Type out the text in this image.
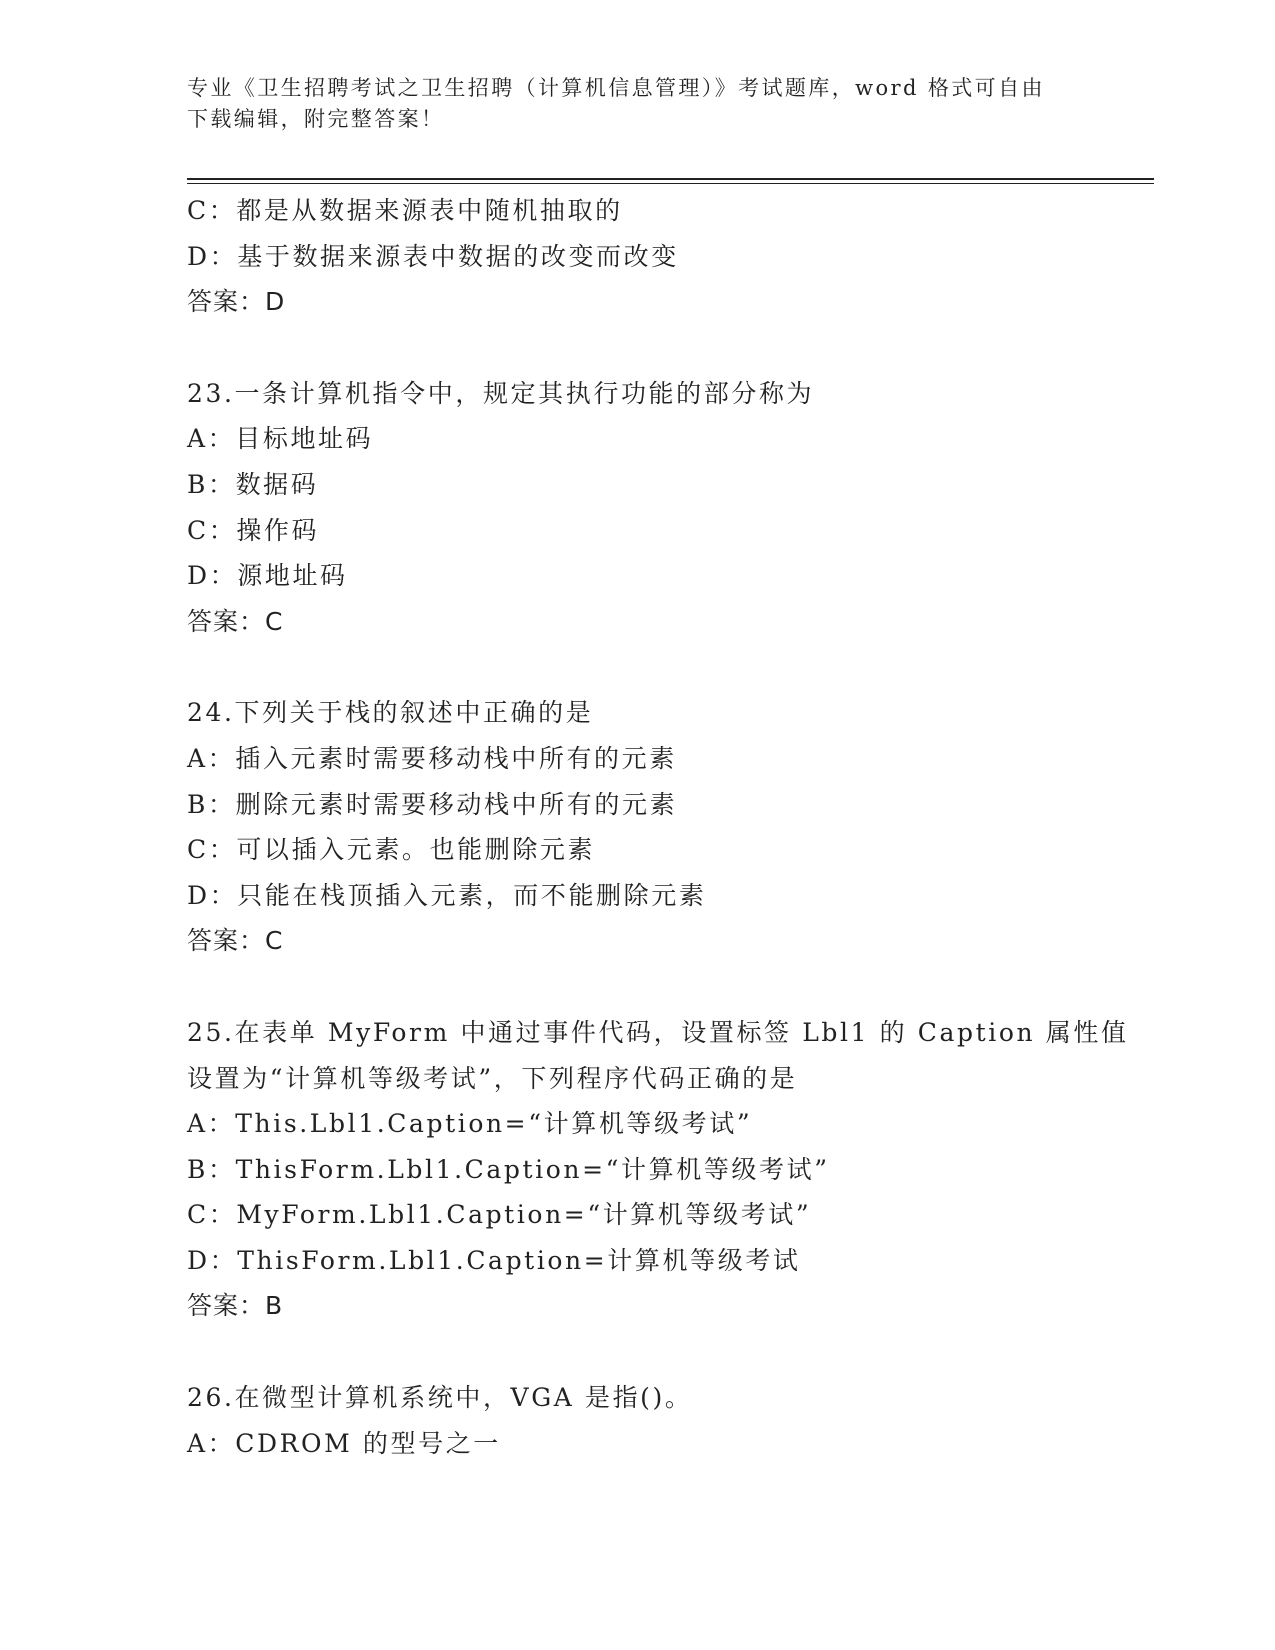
专业《卫生招聘考试之卫生招聘（计算机信息管理）》考试题库，word 格式可自由下载编辑，附完整答案！
C：都是从数据来源表中随机抽取的
D：基于数据来源表中数据的改变而改变
答案：D
23.一条计算机指令中，规定其执行功能的部分称为
A：目标地址码
B：数据码
C：操作码
D：源地址码
答案：C
24.下列关于栈的叙述中正确的是
A：插入元素时需要移动栈中所有的元素
B：删除元素时需要移动栈中所有的元素
C：可以插入元素。也能删除元素
D：只能在栈顶插入元素，而不能删除元素
答案：C
25.在表单 MyForm 中通过事件代码，设置标签 Lbl1 的 Caption 属性值
设置为“计算机等级考试”，下列程序代码正确的是
A：This.Lbl1.Caption=“计算机等级考试”
B：ThisForm.Lbl1.Caption=“计算机等级考试”
C：MyForm.Lbl1.Caption=“计算机等级考试”
D：ThisForm.Lbl1.Caption=计算机等级考试
答案：B
26.在微型计算机系统中，VGA 是指()。
A：CDROM 的型号之一
